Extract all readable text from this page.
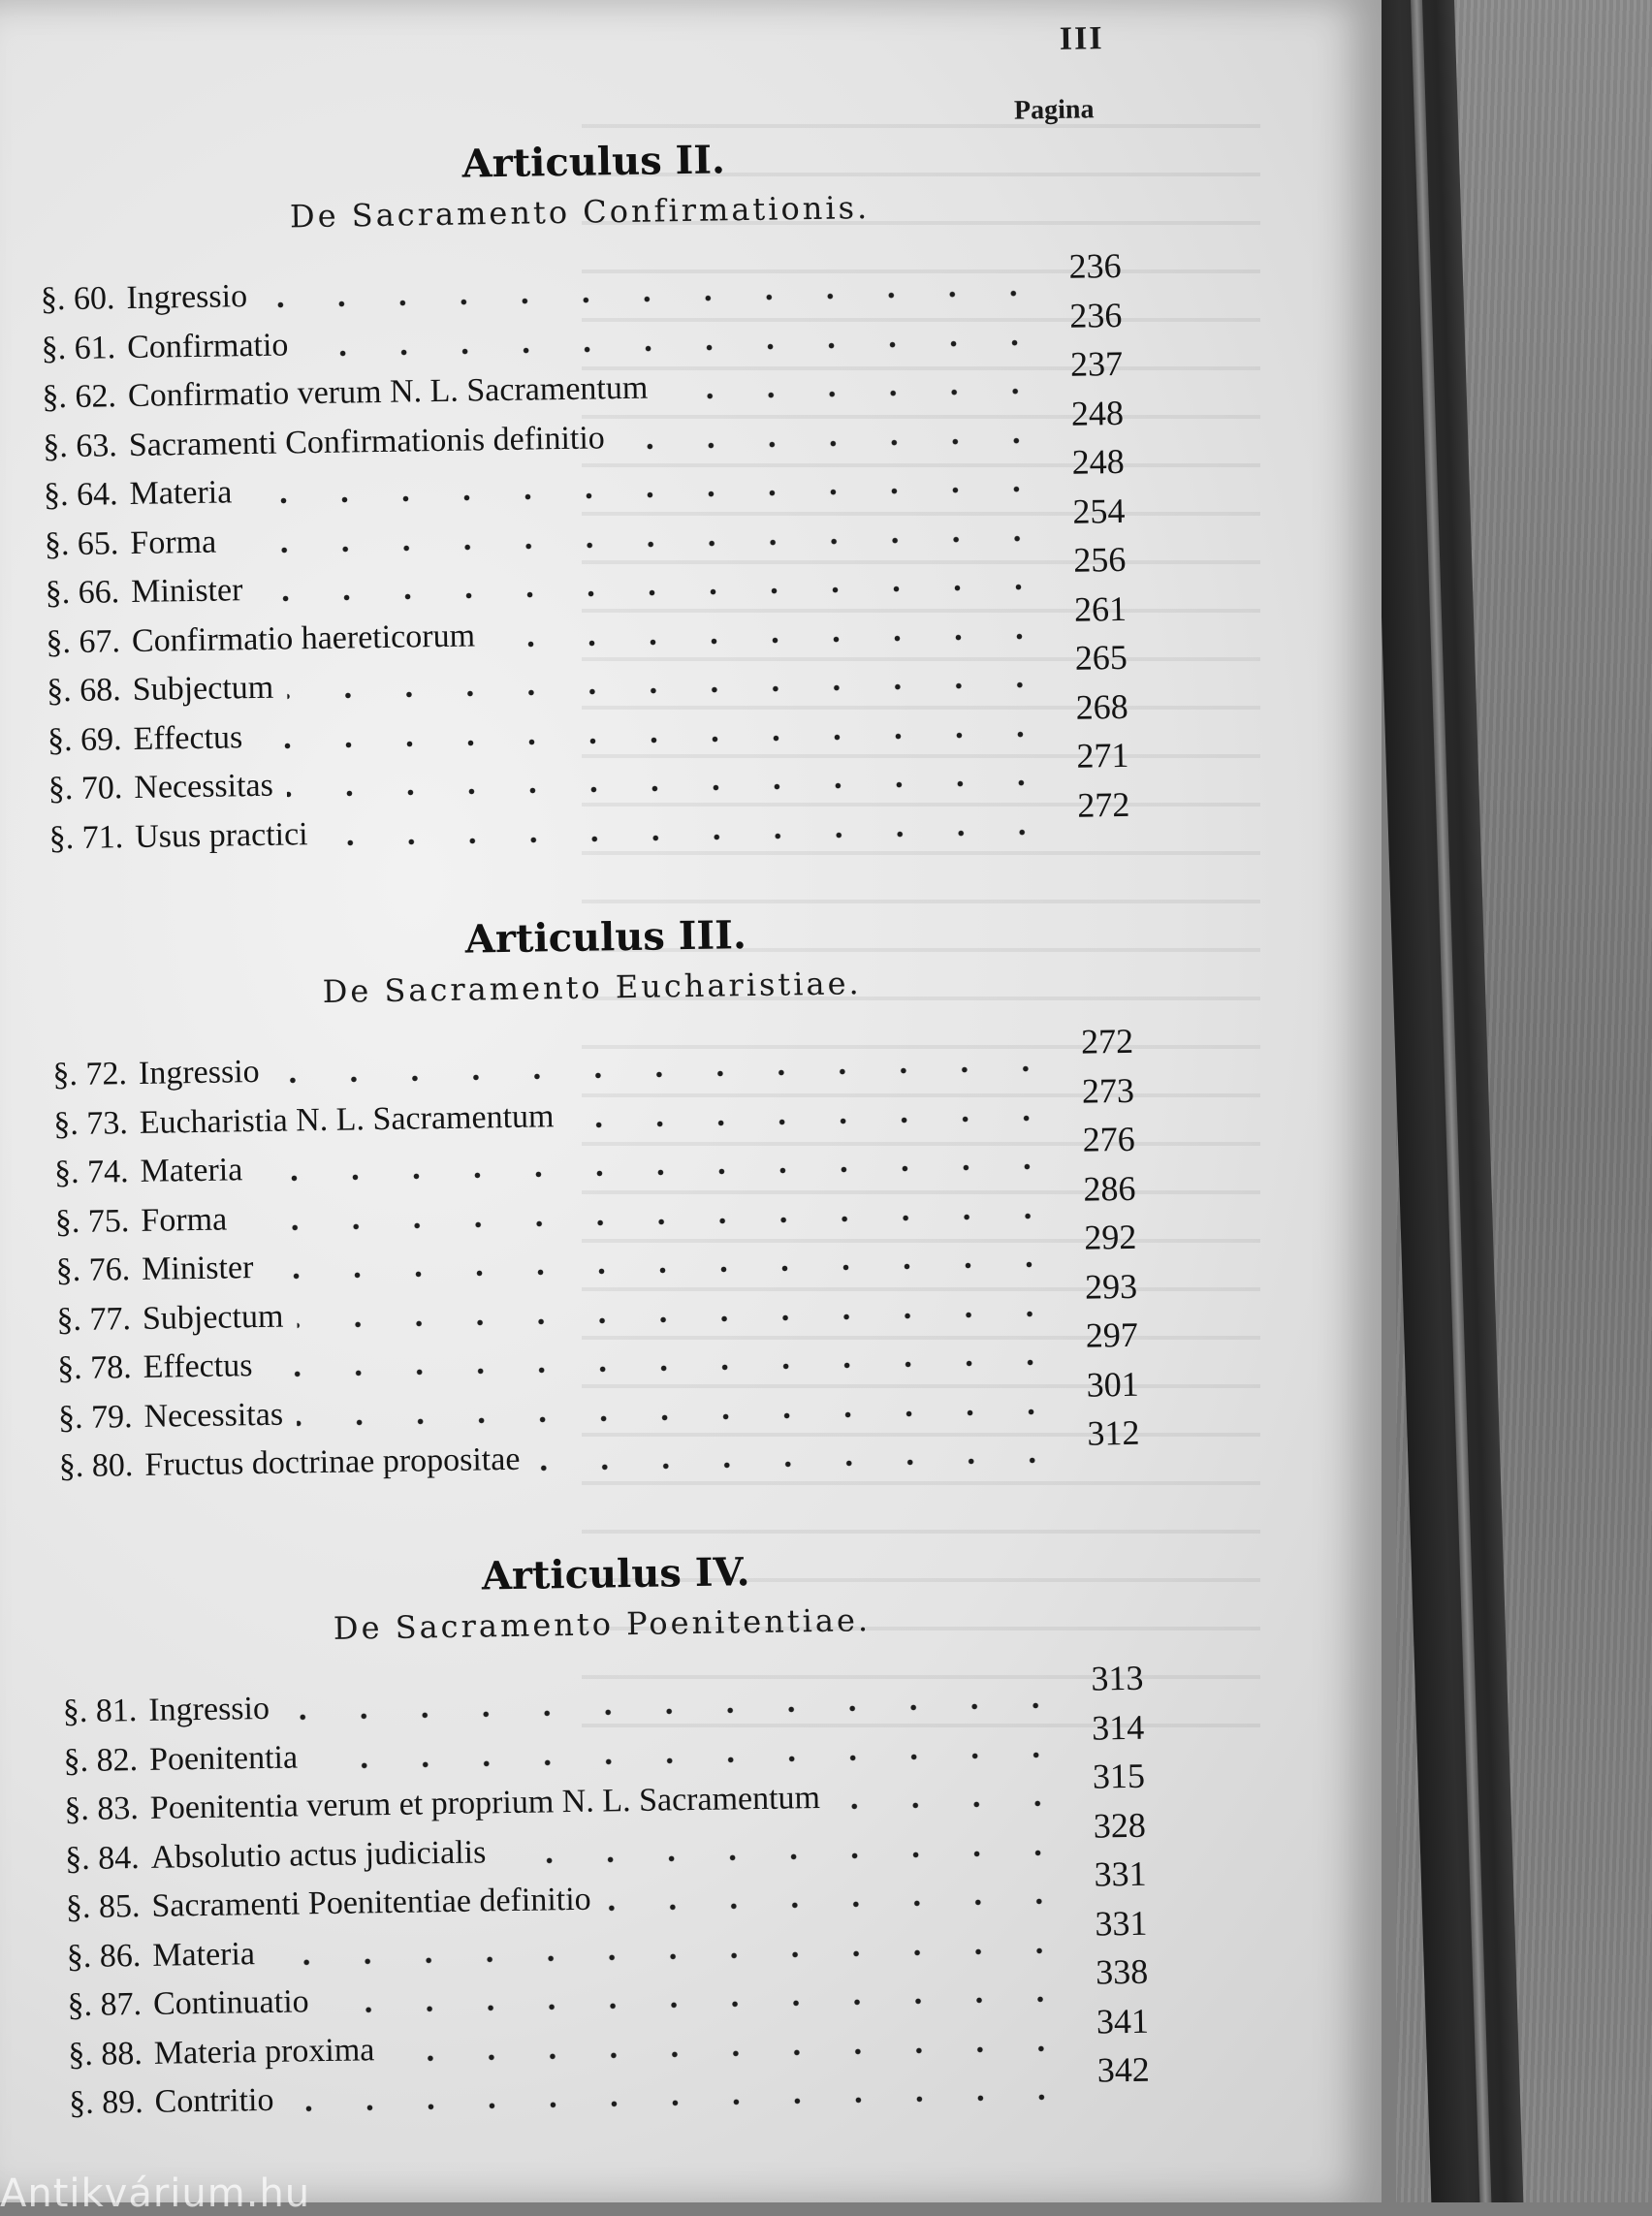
III
Pagina
Articulus II.
De Sacramento Confirmationis.
§. 60. Ingressio
236
§. 61. Confirmatio
236
§. 62. Confirmatio verum N. L. Sacramentum
237
§. 63. Sacramenti Confirmationis definitio
248
§. 64. Materia
248
§. 65. Forma
254
§. 66. Minister
256
§. 67. Confirmatio haereticorum
261
§. 68. Subjectum
265
§. 69. Effectus
268
§. 70. Necessitas
271
§. 71. Usus practici
272
Articulus III.
De Sacramento Eucharistiae.
§. 72. Ingressio
272
§. 73. Eucharistia N. L. Sacramentum
273
§. 74. Materia
276
§. 75. Forma
286
§. 76. Minister
292
§. 77. Subjectum
293
§. 78. Effectus
297
§. 79. Necessitas
301
§. 80. Fructus doctrinae propositae
312
Articulus IV.
De Sacramento Poenitentiae.
§. 81. Ingressio
313
§. 82. Poenitentia
314
§. 83. Poenitentia verum et proprium N. L. Sacramentum
315
§. 84. Absolutio actus judicialis
328
§. 85. Sacramenti Poenitentiae definitio
331
§. 86. Materia
331
§. 87. Continuatio
338
§. 88. Materia proxima
341
§. 89. Contritio
342
Antikvárium.hu
